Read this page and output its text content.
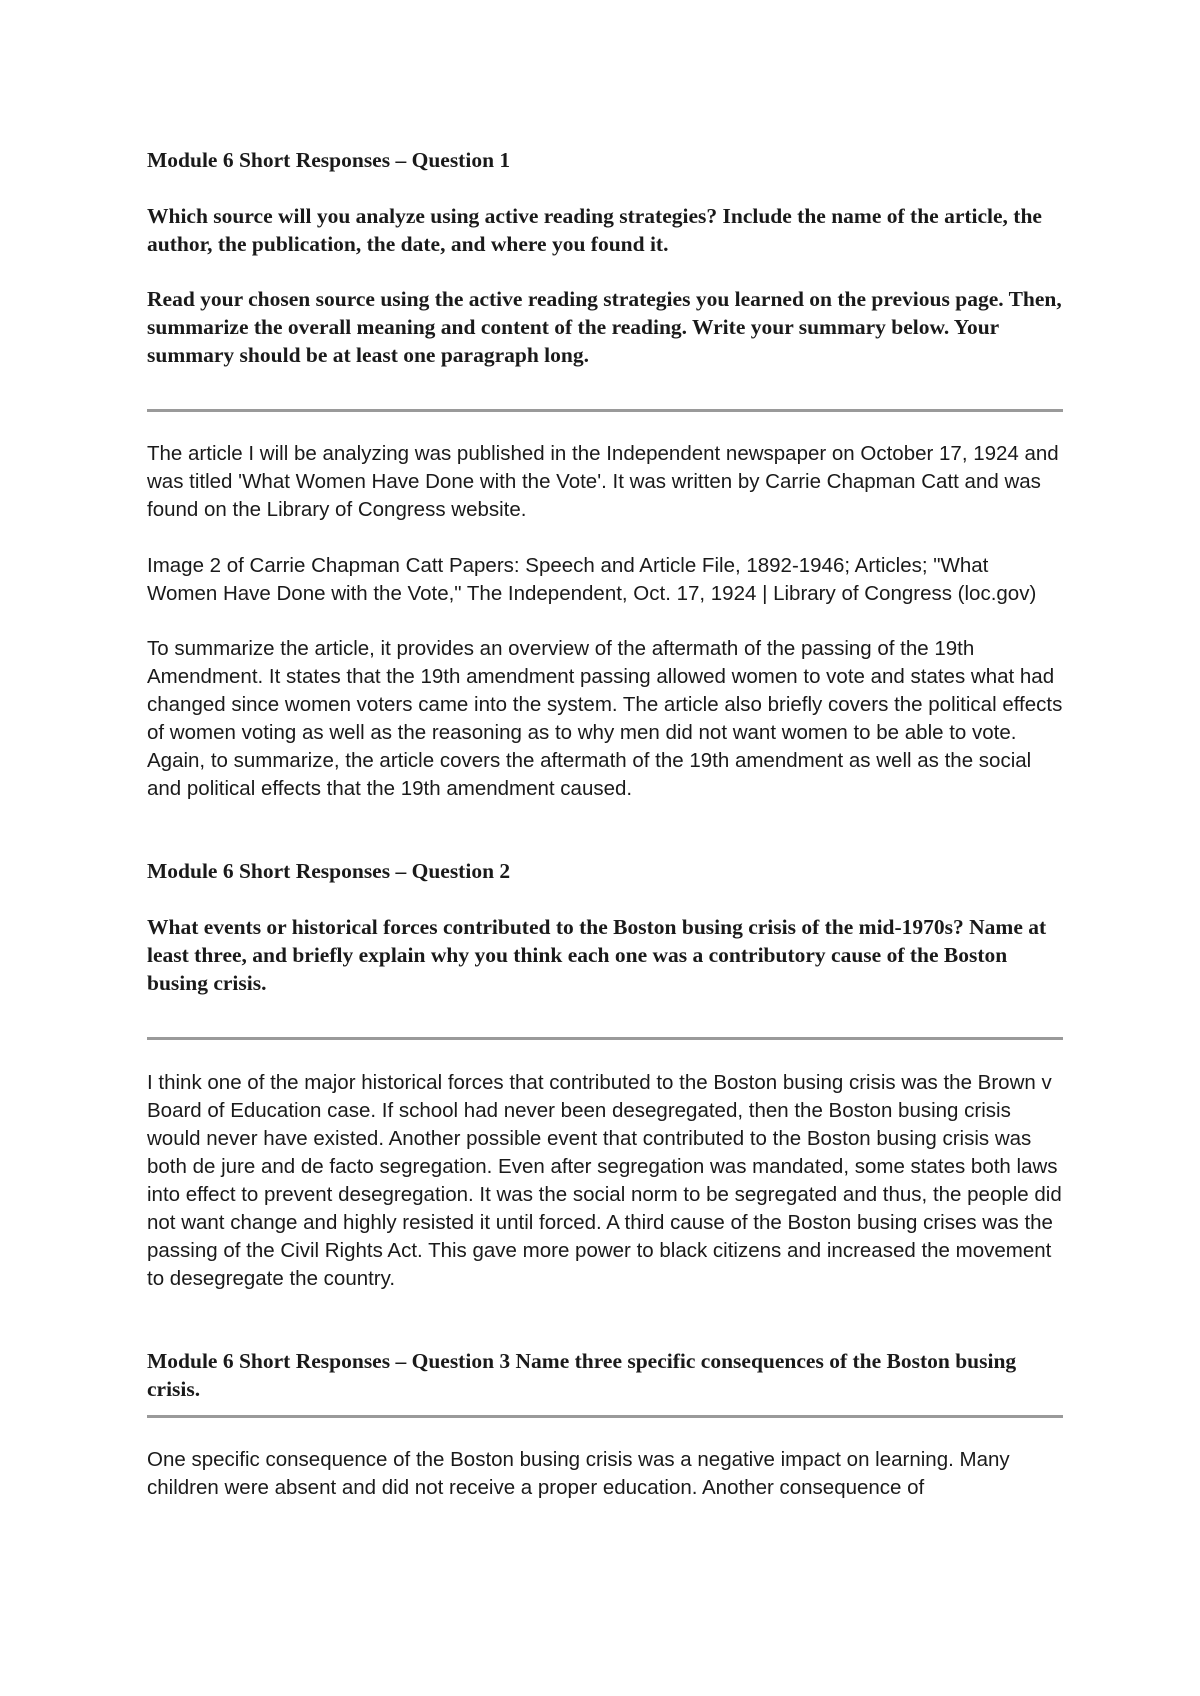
Module 6 Short Responses – Question 1

Which source will you analyze using active reading strategies? Include the name of the article, the author, the publication, the date, and where you found it.

Read your chosen source using the active reading strategies you learned on the previous page. Then, summarize the overall meaning and content of the reading. Write your summary below. Your summary should be at least one paragraph long.

The article I will be analyzing was published in the Independent newspaper on October 17, 1924 and was titled 'What Women Have Done with the Vote'. It was written by Carrie Chapman Catt and was found on the Library of Congress website.

Image 2 of Carrie Chapman Catt Papers: Speech and Article File, 1892-1946; Articles; "What Women Have Done with the Vote," The Independent, Oct. 17, 1924 | Library of Congress (loc.gov)

To summarize the article, it provides an overview of the aftermath of the passing of the 19th Amendment. It states that the 19th amendment passing allowed women to vote and states what had changed since women voters came into the system. The article also briefly covers the political effects of women voting as well as the reasoning as to why men did not want women to be able to vote. Again, to summarize, the article covers the aftermath of the 19th amendment as well as the social and political effects that the 19th amendment caused.

Module 6 Short Responses – Question 2

What events or historical forces contributed to the Boston busing crisis of the mid-1970s? Name at least three, and briefly explain why you think each one was a contributory cause of the Boston busing crisis.

I think one of the major historical forces that contributed to the Boston busing crisis was the Brown v Board of Education case. If school had never been desegregated, then the Boston busing crisis would never have existed. Another possible event that contributed to the Boston busing crisis was both de jure and de facto segregation. Even after segregation was mandated, some states both laws into effect to prevent desegregation. It was the social norm to be segregated and thus, the people did not want change and highly resisted it until forced. A third cause of the Boston busing crises was the passing of the Civil Rights Act. This gave more power to black citizens and increased the movement to desegregate the country.

Module 6 Short Responses – Question 3 Name three specific consequences of the Boston busing crisis.

One specific consequence of the Boston busing crisis was a negative impact on learning. Many children were absent and did not receive a proper education. Another consequence of
